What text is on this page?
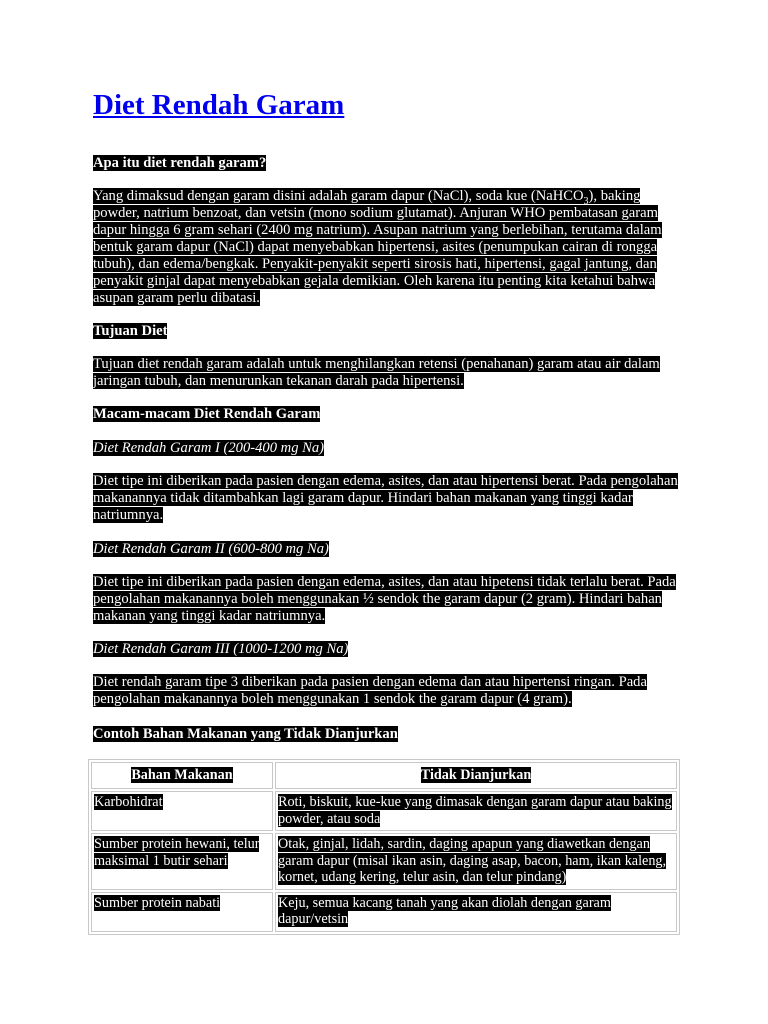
Diet Rendah Garam
Apa itu diet rendah garam?
Yang dimaksud dengan garam disini adalah garam dapur (NaCl), soda kue (NaHCO$_3$), baking powder, natrium benzoat, dan vetsin (mono sodium glutamat). Anjuran WHO pembatasan garam dapur hingga 6 gram sehari (2400 mg natrium). Asupan natrium yang berlebihan, terutama dalam bentuk garam dapur (NaCl) dapat menyebabkan hipertensi, asites (penumpukan cairan di rongga tubuh), dan edema/bengkak. Penyakit-penyakit seperti sirosis hati, hipertensi, gagal jantung, dan penyakit ginjal dapat menyebabkan gejala demikian. Oleh karena itu penting kita ketahui bahwa asupan garam perlu dibatasi.
Tujuan Diet
Tujuan diet rendah garam adalah untuk menghilangkan retensi (penahanan) garam atau air dalam jaringan tubuh, dan menurunkan tekanan darah pada hipertensi.
Macam-macam Diet Rendah Garam
Diet Rendah Garam I (200-400 mg Na)
Diet tipe ini diberikan pada pasien dengan edema, asites, dan atau hipertensi berat. Pada pengolahan makanannya tidak ditambahkan lagi garam dapur. Hindari bahan makanan yang tinggi kadar natriumnya.
Diet Rendah Garam II (600-800 mg Na)
Diet tipe ini diberikan pada pasien dengan edema, asites, dan atau hipetensi tidak terlalu berat. Pada pengolahan makanannya boleh menggunakan ½ sendok the garam dapur (2 gram). Hindari bahan makanan yang tinggi kadar natriumnya.
Diet Rendah Garam III (1000-1200 mg Na)
Diet rendah garam tipe 3 diberikan pada pasien dengan edema dan atau hipertensi ringan. Pada pengolahan makanannya boleh menggunakan 1 sendok the garam dapur (4 gram).
Contoh Bahan Makanan yang Tidak Dianjurkan
Bahan Makanan	Tidak Dianjurkan
Karbohidrat	Roti, biskuit, kue-kue yang dimasak dengan garam dapur atau baking powder, atau soda
Sumber protein hewani, telur maksimal 1 butir sehari	Otak, ginjal, lidah, sardin, daging apapun yang diawetkan dengan garam dapur (misal ikan asin, daging asap, bacon, ham, ikan kaleng, kornet, udang kering, telur asin, dan telur pindang)
Sumber protein nabati	Keju, semua kacang tanah yang akan diolah dengan garam dapur/vetsin
